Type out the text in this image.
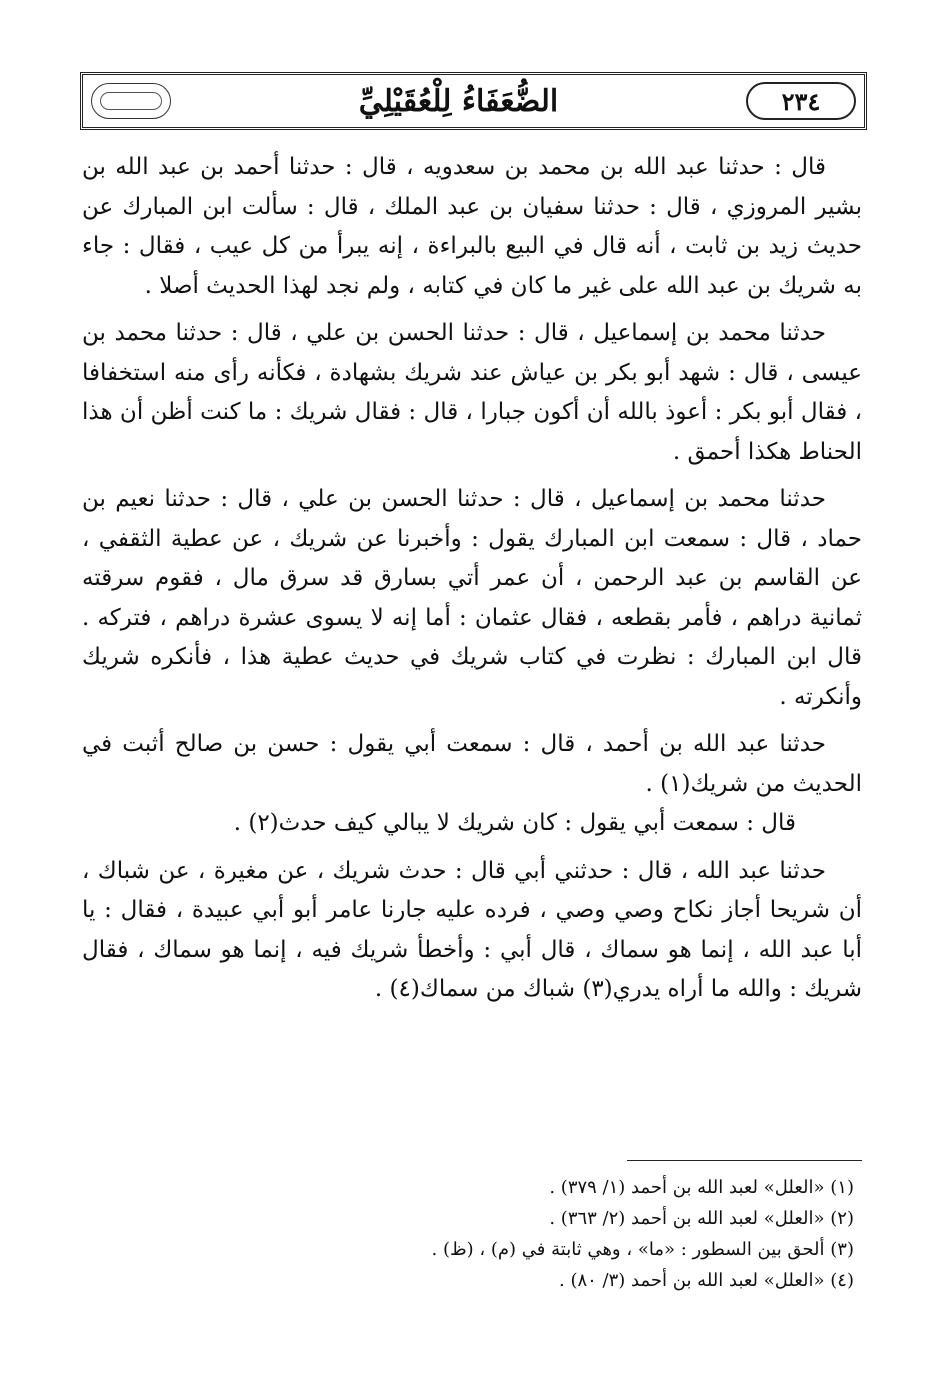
الضُّعَفَاءُ لِلْعُقَيْلِيِّ	٢٣٤

قال : حدثنا عبد الله بن محمد بن سعدويه ، قال : حدثنا أحمد بن عبد الله بن بشير المروزي ، قال : حدثنا سفيان بن عبد الملك ، قال : سألت ابن المبارك عن حديث زيد بن ثابت ، أنه قال في البيع بالبراءة ، إنه يبرأ من كل عيب ، فقال : جاء به شريك بن عبد الله على غير ما كان في كتابه ، ولم نجد لهذا الحديث أصلا .

حدثنا محمد بن إسماعيل ، قال : حدثنا الحسن بن علي ، قال : حدثنا محمد بن عيسى ، قال : شهد أبو بكر بن عياش عند شريك بشهادة ، فكأنه رأى منه استخفافا ، فقال أبو بكر : أعوذ بالله أن أكون جبارا ، قال : فقال شريك : ما كنت أظن أن هذا الحناط هكذا أحمق .

حدثنا محمد بن إسماعيل ، قال : حدثنا الحسن بن علي ، قال : حدثنا نعيم بن حماد ، قال : سمعت ابن المبارك يقول : وأخبرنا عن شريك ، عن عطية الثقفي ، عن القاسم بن عبد الرحمن ، أن عمر أتي بسارق قد سرق مال ، فقوم سرقته ثمانية دراهم ، فأمر بقطعه ، فقال عثمان : أما إنه لا يسوى عشرة دراهم ، فتركه . قال ابن المبارك : نظرت في كتاب شريك في حديث عطية هذا ، فأنكره شريك وأنكرته .

حدثنا عبد الله بن أحمد ، قال : سمعت أبي يقول : حسن بن صالح أثبت في الحديث من شريك(١) .

قال : سمعت أبي يقول : كان شريك لا يبالي كيف حدث(٢) .

حدثنا عبد الله ، قال : حدثني أبي قال : حدث شريك ، عن مغيرة ، عن شباك ، أن شريحا أجاز نكاح وصي وصي ، فرده عليه جارنا عامر أبو أبي عبيدة ، فقال : يا أبا عبد الله ، إنما هو سماك ، قال أبي : وأخطأ شريك فيه ، إنما هو سماك ، فقال شريك : والله ما أراه يدري(٣) شباك من سماك(٤) .

(١) «العلل» لعبد الله بن أحمد (١/ ٣٧٩) .

(٢) «العلل» لعبد الله بن أحمد (٢/ ٣٦٣) .

(٣) ألحق بين السطور : «ما» ، وهي ثابتة في (م) ، (ظ) .

(٤) «العلل» لعبد الله بن أحمد (٣/ ٨٠) .
